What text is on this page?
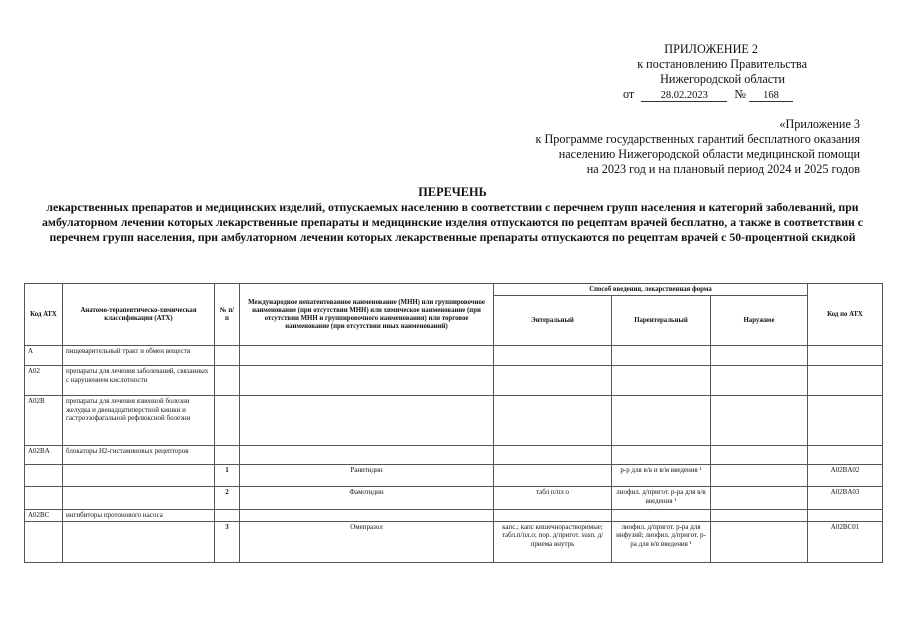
ПРИЛОЖЕНИЕ 2
к постановлению Правительства
Нижегородской области
от	28.02.2023 № 168
«Приложение 3
к Программе государственных гарантий бесплатного оказания
населению Нижегородской области медицинской помощи
на 2023 год и на плановый период 2024 и 2025 годов
ПЕРЕЧЕНЬ
лекарственных препаратов и медицинских изделий, отпускаемых населению в соответствии с перечнем групп населения и категорий заболеваний, при
амбулаторном лечении которых лекарственные препараты и медицинские изделия отпускаются по рецептам врачей бесплатно, а также в соответствии с
перечнем групп населения, при амбулаторном лечении которых лекарственные препараты отпускаются по рецептам врачей с 50-процентной скидкой
Код АТХ	Анатомо-терапевтическо-химическая классификация (АТХ)	№ п/п	Международное непатентованное наименование (МНН) или группировочное наименование (при отсутствии МНН) или химическое наименование (при отсутствии МНН и группировочного наименования) или торговое наименование (при отсутствии иных наименований)	Способ введения, лекарственная форма			Код по АТХ
				Энтеральный	Парентеральный	Наружное	
A	пищеварительный тракт и обмен веществ						
A02	препараты для лечения заболеваний, связанных с нарушением кислотности						
A02B	препараты для лечения язвенной болезни желудка и двенадцатиперстной кишки и гастроэзофагальной рефлюксной болезни						
A02BA	блокаторы H2-гистаминовых рецепторов						
		1	Ранитидин		р-р для в/в и в/м введения ¹		A02BA02
		2	Фамотидин	табл п/пл о	лиофил. д/пригот. р-ра для в/в введения ¹		A02BA03
A02BC	ингибиторы протонового насоса						
		3	Омепразол	капс.; капс кишечнорастворимые; табл.п/пл.о; пор. д/пригот. susп. д/приема внутрь	лиофил. д/пригот. р-ра для инфузий; лиофил. д/пригот. р-ра для в/в введения ¹		A02BC01
